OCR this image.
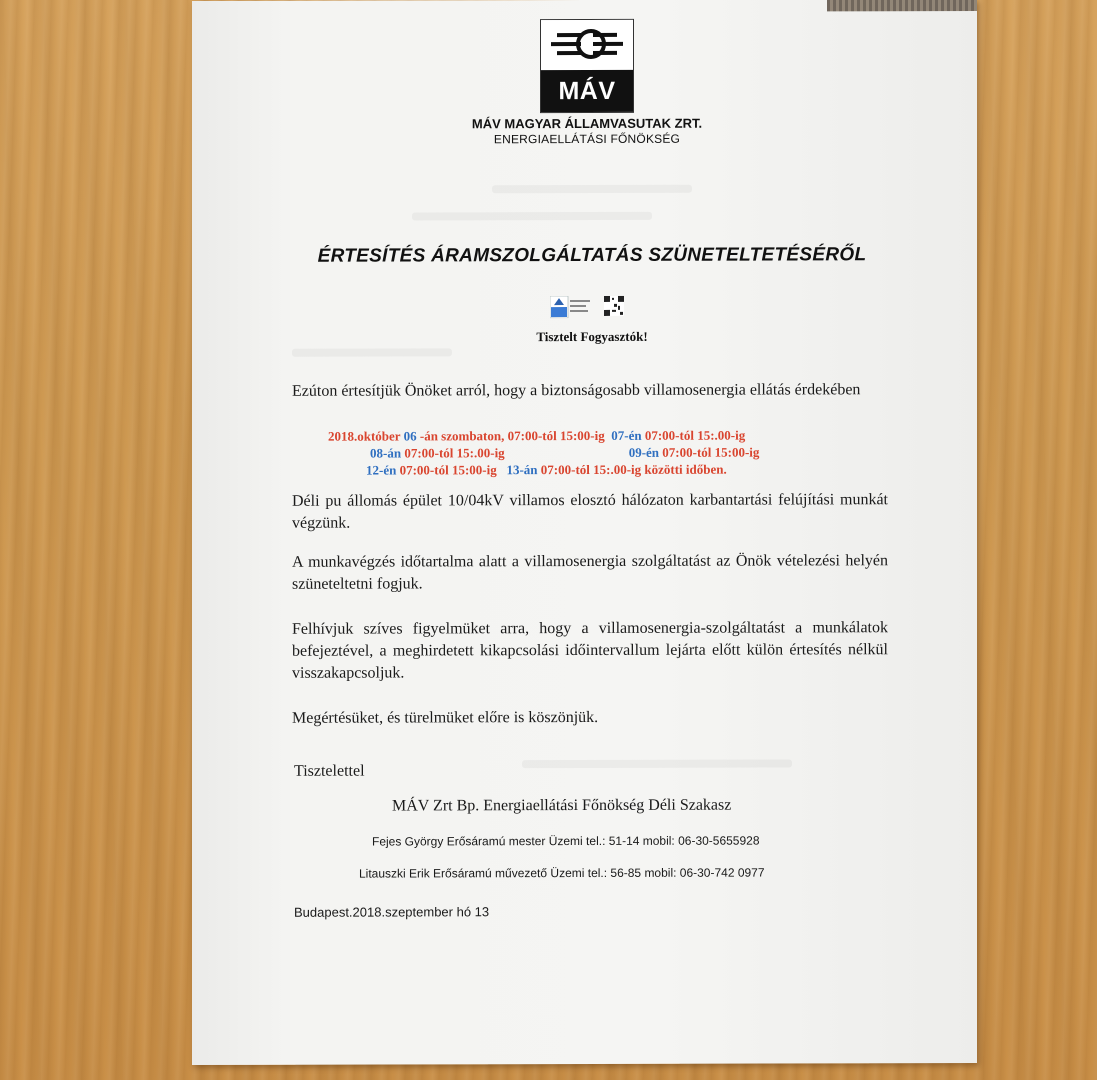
MÁV
MÁV MAGYAR ÁLLAMVASUTAK ZRT.
ENERGIAELLÁTÁSI FŐNÖKSÉG
ÉRTESÍTÉS ÁRAMSZOLGÁLTATÁS SZÜNETELTETÉSÉRŐL
Tisztelt Fogyasztók!
Ezúton értesítjük Önöket arról, hogy a biztonságosabb villamosenergia ellátás érdekében
2018.október 06 -án szombaton, 07:00-tól 15:00-ig 07-én 07:00-tól 15:.00-ig
08-án 07:00-tól 15:.00-ig	09-én 07:00-tól 15:00-ig
12-én 07:00-tól 15:00-ig 13-án 07:00-tól 15:.00-ig közötti időben.
Déli pu állomás épület 10/04kV villamos elosztó hálózaton karbantartási felújítási munkát végzünk.
A munkavégzés időtartalma alatt a villamosenergia szolgáltatást az Önök vételezési helyén szüneteltetni fogjuk.
Felhívjuk szíves figyelmüket arra, hogy a villamosenergia-szolgáltatást a munkálatok befejeztével, a meghirdetett kikapcsolási időintervallum lejárta előtt külön értesítés nélkül visszakapcsoljuk.
Megértésüket, és türelmüket előre is köszönjük.
Tisztelettel
MÁV Zrt Bp. Energiaellátási Főnökség Déli Szakasz
Fejes György Erősáramú mester Üzemi tel.: 51-14 mobil: 06-30-5655928
Litauszki Erik Erősáramú művezető Üzemi tel.: 56-85 mobil: 06-30-742 0977
Budapest.2018.szeptember hó 13
